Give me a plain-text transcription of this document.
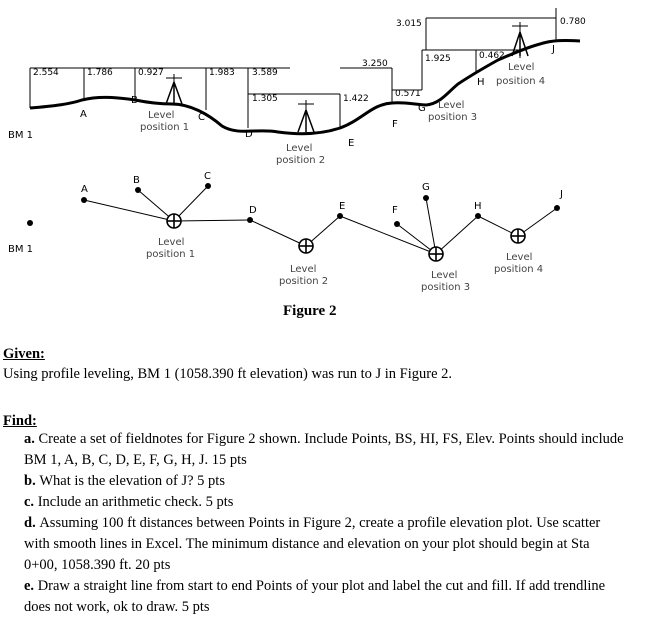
2.554
BM 1
1.786
A
0.927
B
1.983 3.589
C
Level
position 1
1.305
D
Level
position 2
1.422
3.250
E
0.571
1.925
F
3.015
G Level
position 3
0.462
H
Level
position 4
0.780
J
BM 1
A
B	C
D	E	F
G
H
J
Level
position 1
Level
position 2
Level
position 3
Level
position 4
Figure 2
Given:
Using profile leveling, BM 1 (1058.390 ft elevation) was run to J in Figure 2.
Find:
a. Create a set of fieldnotes for Figure 2 shown. Include Points, BS, HI, FS, Elev. Points should include BM 1, A, B, C, D, E, F, G, H, J. 15 pts
b. What is the elevation of J? 5 pts
c. Include an arithmetic check. 5 pts
d. Assuming 100 ft distances between Points in Figure 2, create a profile elevation plot. Use scatter with smooth lines in Excel. The minimum distance and elevation on your plot should begin at Sta 0+00, 1058.390 ft. 20 pts
e. Draw a straight line from start to end Points of your plot and label the cut and fill. If add trendline does not work, ok to draw. 5 pts
